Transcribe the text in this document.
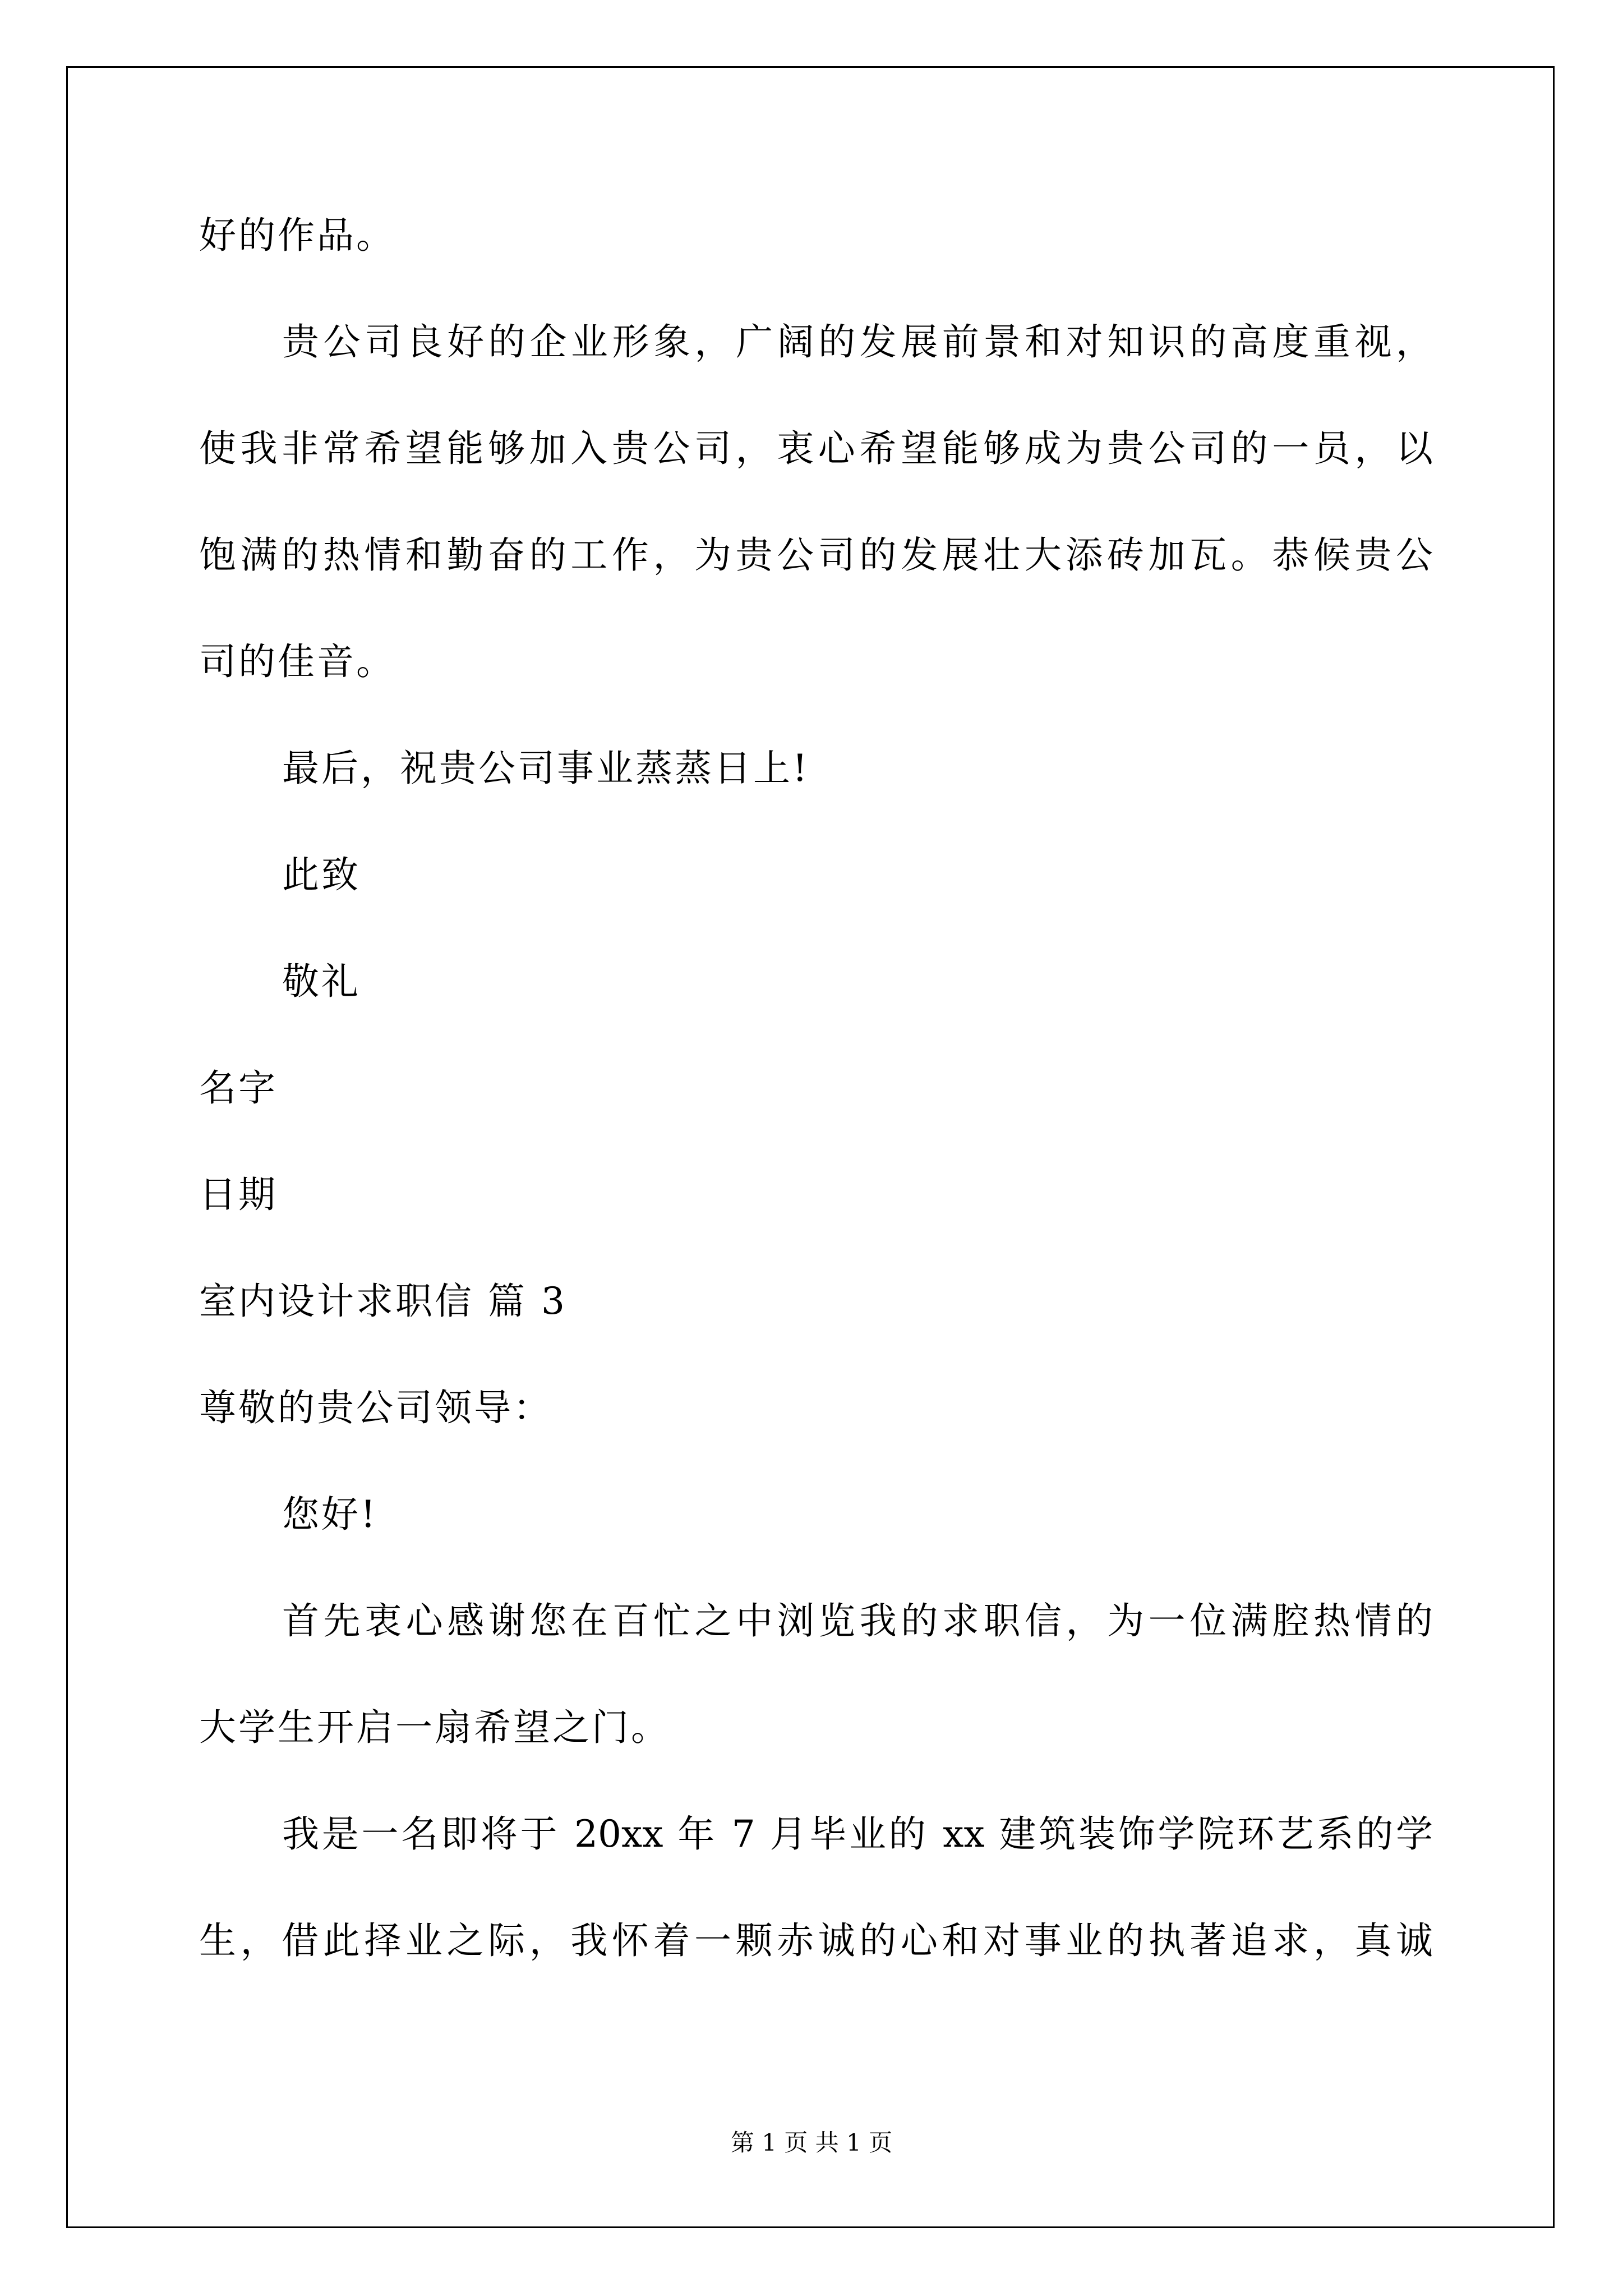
好的作品。

贵公司良好的企业形象，广阔的发展前景和对知识的高度重视，

使我非常希望能够加入贵公司，衷心希望能够成为贵公司的一员，以

饱满的热情和勤奋的工作，为贵公司的发展壮大添砖加瓦。恭候贵公

司的佳音。

最后，祝贵公司事业蒸蒸日上!

此致

敬礼

名字

日期

室内设计求职信 篇 3

尊敬的贵公司领导：

您好!

首先衷心感谢您在百忙之中浏览我的求职信，为一位满腔热情的

大学生开启一扇希望之门。

我是一名即将于 20xx 年 7 月毕业的 xx 建筑装饰学院环艺系的学

生，借此择业之际，我怀着一颗赤诚的心和对事业的执著追求，真诚

第 1 页 共 1 页
